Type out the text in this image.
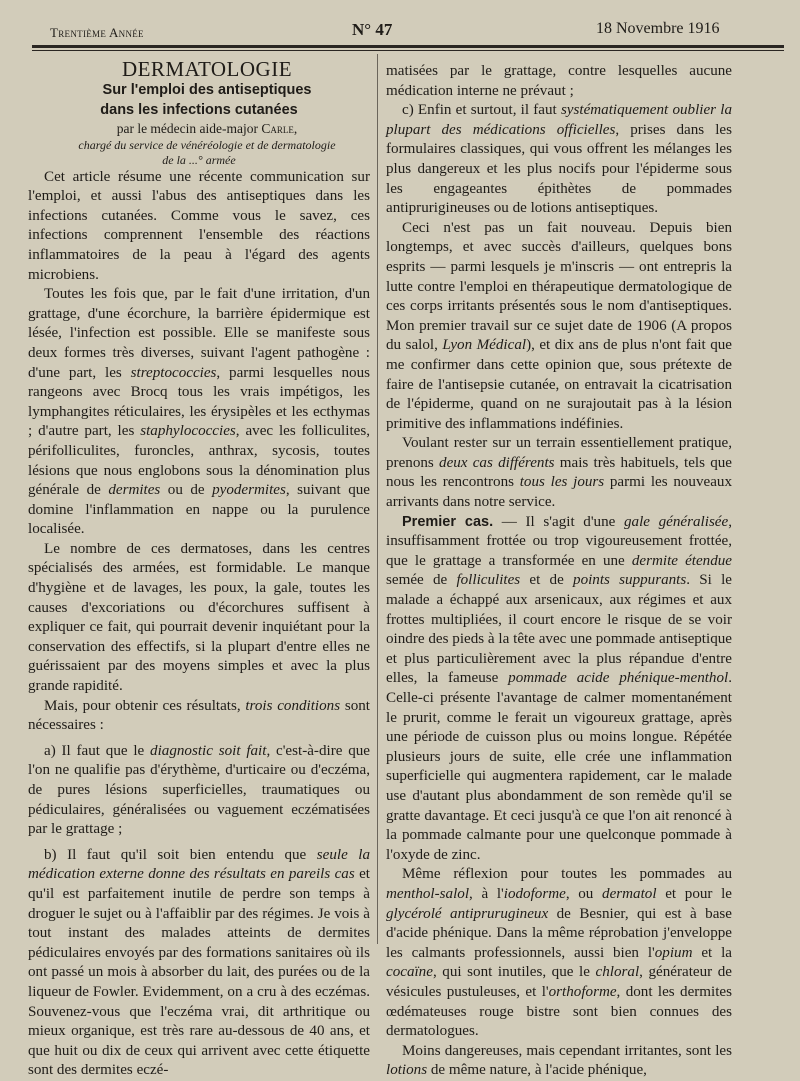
Trentième Année	N° 47	18 Novembre 1916

DERMATOLOGIE

Sur l'emploi des antiseptiques
dans les infections cutanées

par le médecin aide-major Carle,

chargé du service de vénéréologie et de dermatologie
de la ...° armée

Cet article résume une récente communication sur l'emploi, et aussi l'abus des antiseptiques dans les infections cutanées. Comme vous le savez, ces infections comprennent l'ensemble des réactions inflammatoires de la peau à l'égard des agents microbiens.

Toutes les fois que, par le fait d'une irritation, d'un grattage, d'une écorchure, la barrière épidermique est lésée, l'infection est possible. Elle se manifeste sous deux formes très diverses, suivant l'agent pathogène : d'une part, les streptococcies, parmi lesquelles nous rangeons avec Brocq tous les vrais impétigos, les lymphangites réticulaires, les érysipèles et les ecthymas ; d'autre part, les staphylococcies, avec les folliculites, périfolliculites, furoncles, anthrax, sycosis, toutes lésions que nous englobons sous la dénomination plus générale de dermites ou de pyodermites, suivant que domine l'inflammation en nappe ou la purulence localisée.

Le nombre de ces dermatoses, dans les centres spécialisés des armées, est formidable. Le manque d'hygiène et de lavages, les poux, la gale, toutes les causes d'excoriations ou d'écorchures suffisent à expliquer ce fait, qui pourrait devenir inquiétant pour la conservation des effectifs, si la plupart d'entre elles ne guérissaient par des moyens simples et avec la plus grande rapidité.

Mais, pour obtenir ces résultats, trois conditions sont nécessaires :

a) Il faut que le diagnostic soit fait, c'est-à-dire que l'on ne qualifie pas d'érythème, d'urticaire ou d'eczéma, de pures lésions superficielles, traumatiques ou pédiculaires, généralisées ou vaguement eczématisées par le grattage ;

b) Il faut qu'il soit bien entendu que seule la médication externe donne des résultats en pareils cas et qu'il est parfaitement inutile de perdre son temps à droguer le sujet ou à l'affaiblir par des régimes. Je vois à tout instant des malades atteints de dermites pédiculaires envoyés par des formations sanitaires où ils ont passé un mois à absorber du lait, des purées ou de la liqueur de Fowler. Evidemment, on a cru à des eczémas. Souvenez-vous que l'eczéma vrai, dit arthritique ou mieux organique, est très rare au-dessous de 40 ans, et que huit ou dix de ceux qui arrivent avec cette étiquette sont des dermites eczé-

matisées par le grattage, contre lesquelles aucune médication interne ne prévaut ;

c) Enfin et surtout, il faut systématiquement oublier la plupart des médications officielles, prises dans les formulaires classiques, qui vous offrent les mélanges les plus dangereux et les plus nocifs pour l'épiderme sous les engageantes épithètes de pommades antiprurigineuses ou de lotions antiseptiques.

Ceci n'est pas un fait nouveau. Depuis bien longtemps, et avec succès d'ailleurs, quelques bons esprits — parmi lesquels je m'inscris — ont entrepris la lutte contre l'emploi en thérapeutique dermatologique de ces corps irritants présentés sous le nom d'antiseptiques. Mon premier travail sur ce sujet date de 1906 (A propos du salol, Lyon Médical), et dix ans de plus n'ont fait que me confirmer dans cette opinion que, sous prétexte de faire de l'antisepsie cutanée, on entravait la cicatrisation de l'épiderme, quand on ne surajoutait pas à la lésion primitive des inflammations indéfinies.

Voulant rester sur un terrain essentiellement pratique, prenons deux cas différents mais très habituels, tels que nous les rencontrons tous les jours parmi les nouveaux arrivants dans notre service.

Premier cas. — Il s'agit d'une gale généralisée, insuffisamment frottée ou trop vigoureusement frottée, que le grattage a transformée en une dermite étendue semée de folliculites et de points suppurants. Si le malade a échappé aux arsenicaux, aux régimes et aux frottes multipliées, il court encore le risque de se voir oindre des pieds à la tête avec une pommade antiseptique et plus particulièrement avec la plus répandue d'entre elles, la fameuse pommade acide phénique-menthol. Celle-ci présente l'avantage de calmer momentanément le prurit, comme le ferait un vigoureux grattage, après une période de cuisson plus ou moins longue. Répétée plusieurs jours de suite, elle crée une inflammation superficielle qui augmentera rapidement, car le malade use d'autant plus abondamment de son remède qu'il se gratte davantage. Et ceci jusqu'à ce que l'on ait renoncé à la pommade calmante pour une quelconque pommade à l'oxyde de zinc.

Même réflexion pour toutes les pommades au menthol-salol, à l'iodoforme, ou dermatol et pour le glycérolé antiprurugineux de Besnier, qui est à base d'acide phénique. Dans la même réprobation j'enveloppe les calmants professionnels, aussi bien l'opium et la cocaïne, qui sont inutiles, que le chloral, générateur de vésicules pustuleuses, et l'orthoforme, dont les dermites œdémateuses rouge bistre sont bien connues des dermatologues.

Moins dangereuses, mais cependant irritantes, sont les lotions de même nature, à l'acide phénique,
